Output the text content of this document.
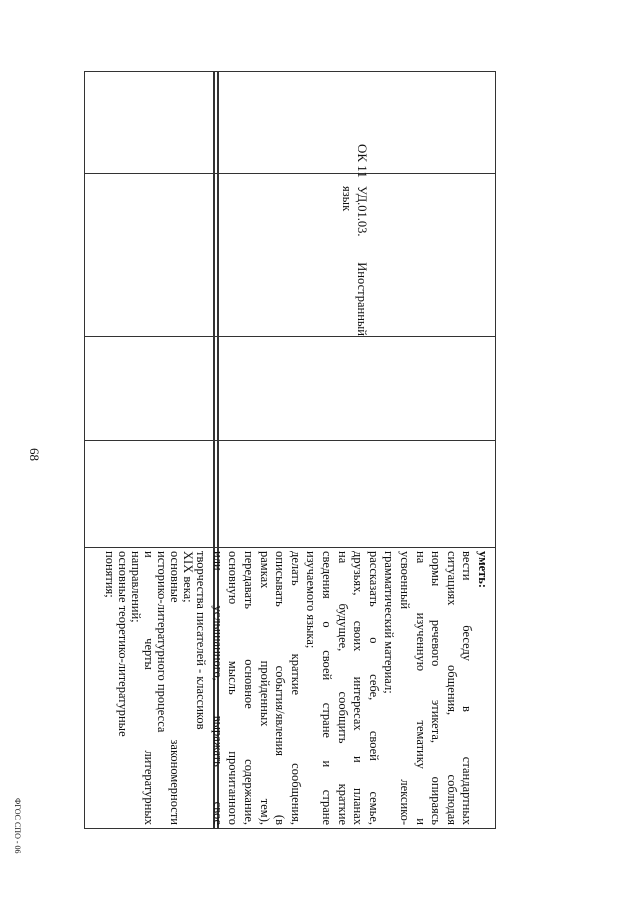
68
ФГОС СПО - 06
творчества писателей - классиков
XIX века;
основные закономерности
историко-литературного процесса
и черты литературных
направлений;
основные теоретико-литературные
понятия;	уметь:
вести беседу в стандартных
ситуациях общения, соблюдая
нормы речевого этикета, опираясь
на изученную тематику и
усвоенный лексико-
грамматический материал;
рассказать о себе, своей семье,
друзьях, своих интересах и планах
на будущее, сообщить краткие
сведения о своей стране и стране
изучаемого языка;
делать краткие сообщения,
описывать события/явления (в
рамках пройденных тем),
передавать основное содержание,
основную мысль прочитанного
или услышанного, выражать свое
УД.01.03. Иностранный язык
ОК 11
